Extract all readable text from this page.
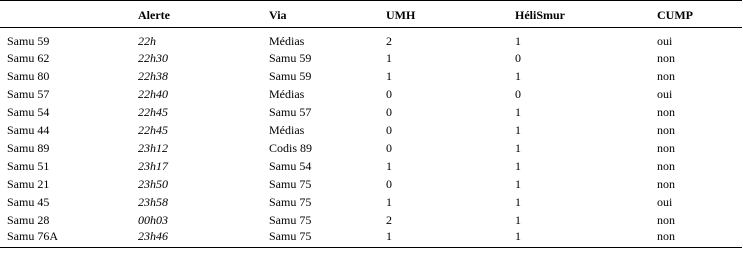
	Alerte	Via	UMH	HéliSmur	CUMP
Samu 59	22h	Médias	2	1	oui
Samu 62	22h30	Samu 59	1	0	non
Samu 80	22h38	Samu 59	1	1	non
Samu 57	22h40	Médias	0	0	oui
Samu 54	22h45	Samu 57	0	1	non
Samu 44	22h45	Médias	0	1	non
Samu 89	23h12	Codis 89	0	1	non
Samu 51	23h17	Samu 54	1	1	non
Samu 21	23h50	Samu 75	0	1	non
Samu 45	23h58	Samu 75	1	1	oui
Samu 28	00h03	Samu 75	2	1	non
Samu 76A	23h46	Samu 75	1	1	non
